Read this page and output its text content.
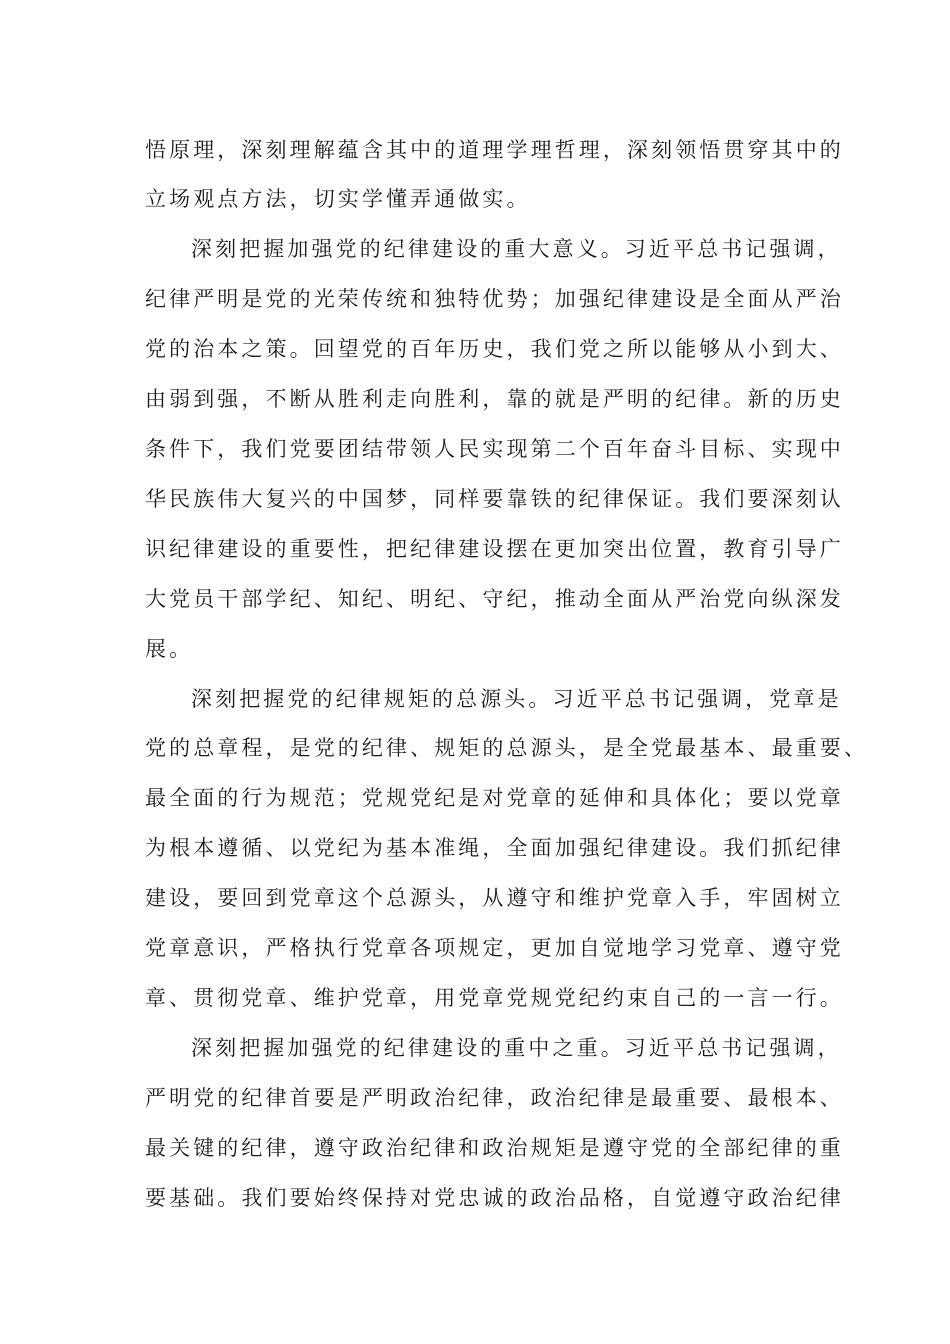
悟原理，深刻理解蕴含其中的道理学理哲理，深刻领悟贯穿其中的
立场观点方法，切实学懂弄通做实。
深刻把握加强党的纪律建设的重大意义。习近平总书记强调，
纪律严明是党的光荣传统和独特优势；加强纪律建设是全面从严治
党的治本之策。回望党的百年历史，我们党之所以能够从小到大、
由弱到强，不断从胜利走向胜利，靠的就是严明的纪律。新的历史
条件下，我们党要团结带领人民实现第二个百年奋斗目标、实现中
华民族伟大复兴的中国梦，同样要靠铁的纪律保证。我们要深刻认
识纪律建设的重要性，把纪律建设摆在更加突出位置，教育引导广
大党员干部学纪、知纪、明纪、守纪，推动全面从严治党向纵深发
展。
深刻把握党的纪律规矩的总源头。习近平总书记强调，党章是
党的总章程，是党的纪律、规矩的总源头，是全党最基本、最重要、
最全面的行为规范；党规党纪是对党章的延伸和具体化；要以党章
为根本遵循、以党纪为基本准绳，全面加强纪律建设。我们抓纪律
建设，要回到党章这个总源头，从遵守和维护党章入手，牢固树立
党章意识，严格执行党章各项规定，更加自觉地学习党章、遵守党
章、贯彻党章、维护党章，用党章党规党纪约束自己的一言一行。
深刻把握加强党的纪律建设的重中之重。习近平总书记强调，
严明党的纪律首要是严明政治纪律，政治纪律是最重要、最根本、
最关键的纪律，遵守政治纪律和政治规矩是遵守党的全部纪律的重
要基础。我们要始终保持对党忠诚的政治品格，自觉遵守政治纪律
